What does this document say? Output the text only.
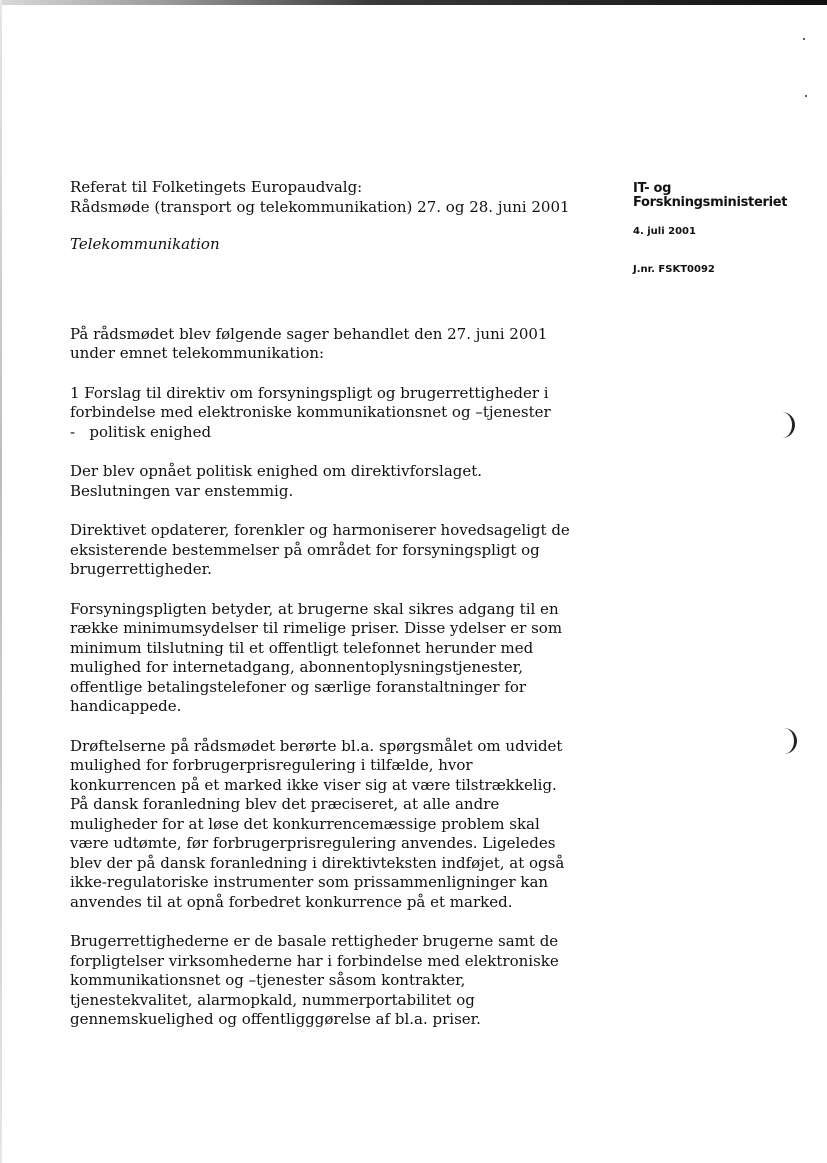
Referat til Folketingets Europaudvalg:
Rådsmøde (transport og telekommunikation) 27. og 28. juni 2001

Telekommunikation

På rådsmødet blev følgende sager behandlet den 27. juni 2001
under emnet telekommunikation:

1 Forslag til direktiv om forsyningspligt og brugerrettigheder i
forbindelse med elektroniske kommunikationsnet og –tjenester
-   politisk enighed

Der blev opnået politisk enighed om direktivforslaget.
Beslutningen var enstemmig.

Direktivet opdaterer, forenkler og harmoniserer hovedsageligt de
eksisterende bestemmelser på området for forsyningspligt og
brugerrettigheder.

Forsyningspligten betyder, at brugerne skal sikres adgang til en
række minimumsydelser til rimelige priser. Disse ydelser er som
minimum tilslutning til et offentligt telefonnet herunder med
mulighed for internetadgang, abonnentoplysningstjenester,
offentlige betalingstelefoner og særlige foranstaltninger for
handicappede.

Drøftelserne på rådsmødet berørte bl.a. spørgsmålet om udvidet
mulighed for forbrugerprisregulering i tilfælde, hvor
konkurrencen på et marked ikke viser sig at være tilstrækkelig.
På dansk foranledning blev det præciseret, at alle andre
muligheder for at løse det konkurrencemæssige problem skal
være udtømte, før forbrugerprisregulering anvendes. Ligeledes
blev der på dansk foranledning i direktivteksten indføjet, at også
ikke-regulatoriske instrumenter som prissammenligninger kan
anvendes til at opnå forbedret konkurrence på et marked.

Brugerrettighederne er de basale rettigheder brugerne samt de
forpligtelser virksomhederne har i forbindelse med elektroniske
kommunikationsnet og –tjenester såsom kontrakter,
tjenestekvalitet, alarmopkald, nummerportabilitet og
gennemskuelighed og offentligggørelse af bl.a. priser.

IT- og
Forskningsministeriet
4. juli 2001
J.nr. FSKT0092
